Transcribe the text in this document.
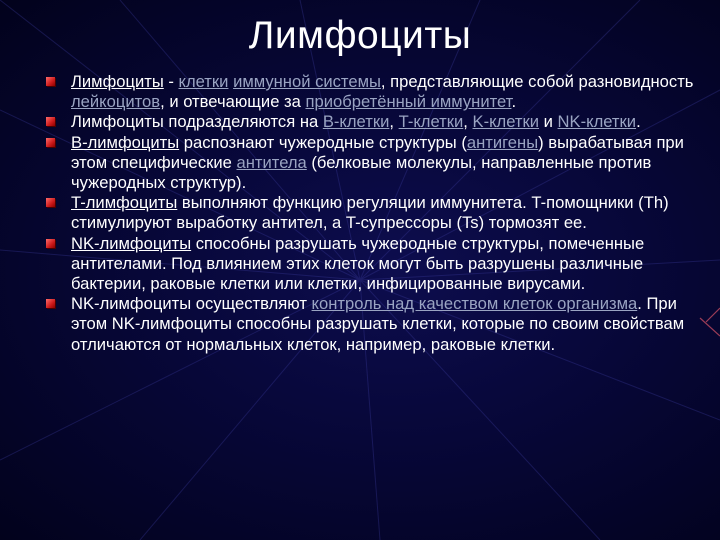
Лимфоциты
Лимфоциты - клетки иммунной системы, представляющие собой разновидность лейкоцитов, и отвечающие за приобретённый иммунитет.
Лимфоциты подразделяются на B-клетки, T-клетки, K-клетки и NK-клетки.
B-лимфоциты распознают чужеродные структуры (антигены) вырабатывая при этом специфические антитела (белковые молекулы, направленные против чужеродных структур).
T-лимфоциты выполняют функцию регуляции иммунитета. T-помощники (Th) стимулируют выработку антител, а T-супрессоры (Ts) тормозят ее.
NK-лимфоциты способны разрушать чужеродные структуры, помеченные антителами. Под влиянием этих клеток могут быть разрушены различные бактерии, раковые клетки или клетки, инфицированные вирусами.
NK-лимфоциты осуществляют контроль над качеством клеток организма. При этом NK-лимфоциты способны разрушать клетки, которые по своим свойствам отличаются от нормальных клеток, например, раковые клетки.
